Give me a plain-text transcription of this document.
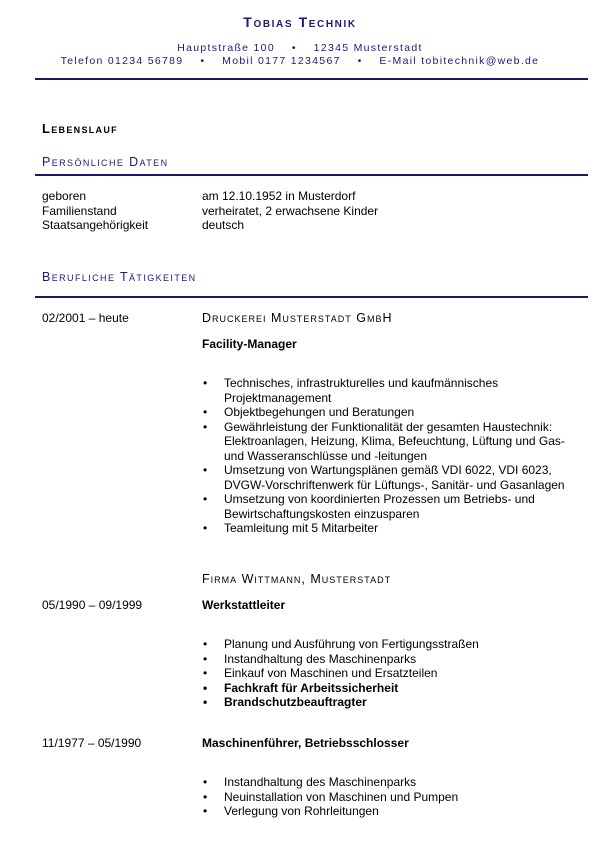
Tobias Technik
Hauptstraße 100    •    12345 Musterstadt
Telefon 01234 56789    •    Mobil 0177 1234567    •    E-Mail tobitechnik@web.de
Lebenslauf
Persönliche Daten
geboren	am 12.10.1952 in Musterdorf
Familienstand	verheiratet, 2 erwachsene Kinder
Staatsangehörigkeit	deutsch
Berufliche Tätigkeiten
02/2001 – heute	Druckerei Musterstadt GmbH
Facility-Manager
• Technisches, infrastrukturelles und kaufmännisches Projektmanagement
• Objektbegehungen und Beratungen
• Gewährleistung der Funktionalität der gesamten Haustechnik: Elektroanlagen, Heizung, Klima, Befeuchtung, Lüftung und Gas- und Wasseranschlüsse und -leitungen
• Umsetzung von Wartungsplänen gemäß VDI 6022, VDI 6023, DVGW-Vorschriftenwerk für Lüftungs-, Sanitär- und Gasanlagen
• Umsetzung von koordinierten Prozessen um Betriebs- und Bewirtschaftungskosten einzusparen
• Teamleitung mit 5 Mitarbeiter
Firma Wittmann, Musterstadt
05/1990 – 09/1999	Werkstattleiter
• Planung und Ausführung von Fertigungsstraßen
• Instandhaltung des Maschinenparks
• Einkauf von Maschinen und Ersatzteilen
• Fachkraft für Arbeitssicherheit
• Brandschutzbeauftragter
11/1977 – 05/1990	Maschinenführer, Betriebsschlosser
• Instandhaltung des Maschinenparks
• Neuinstallation von Maschinen und Pumpen
• Verlegung von Rohrleitungen
